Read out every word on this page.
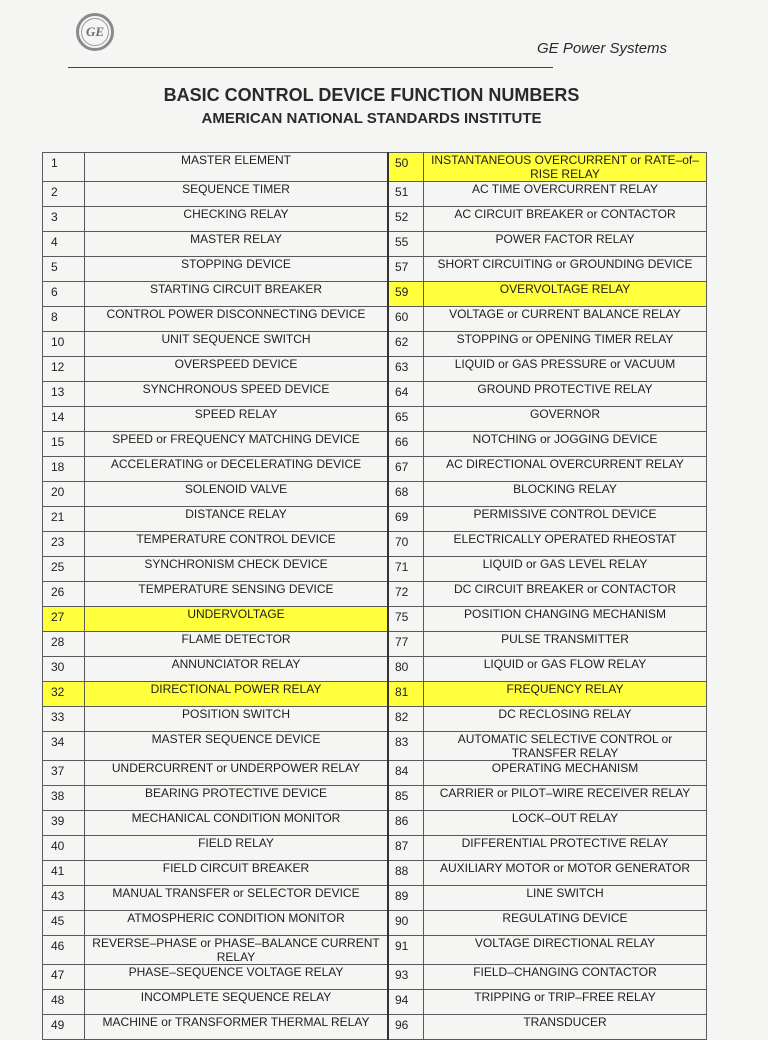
GE
GE Power Systems
BASIC CONTROL DEVICE FUNCTION NUMBERS
AMERICAN NATIONAL STANDARDS INSTITUTE
1	MASTER ELEMENT	50	INSTANTANEOUS OVERCURRENT or RATE–of–RISE RELAY
2	SEQUENCE TIMER	51	AC TIME OVERCURRENT RELAY
3	CHECKING RELAY	52	AC CIRCUIT BREAKER or CONTACTOR
4	MASTER RELAY	55	POWER FACTOR RELAY
5	STOPPING DEVICE	57	SHORT CIRCUITING or GROUNDING DEVICE
6	STARTING CIRCUIT BREAKER	59	OVERVOLTAGE RELAY
8	CONTROL POWER DISCONNECTING DEVICE	60	VOLTAGE or CURRENT BALANCE RELAY
10	UNIT SEQUENCE SWITCH	62	STOPPING or OPENING TIMER RELAY
12	OVERSPEED DEVICE	63	LIQUID or GAS PRESSURE or VACUUM
13	SYNCHRONOUS SPEED DEVICE	64	GROUND PROTECTIVE RELAY
14	SPEED RELAY	65	GOVERNOR
15	SPEED or FREQUENCY MATCHING DEVICE	66	NOTCHING or JOGGING DEVICE
18	ACCELERATING or DECELERATING DEVICE	67	AC DIRECTIONAL OVERCURRENT RELAY
20	SOLENOID VALVE	68	BLOCKING RELAY
21	DISTANCE RELAY	69	PERMISSIVE CONTROL DEVICE
23	TEMPERATURE CONTROL DEVICE	70	ELECTRICALLY OPERATED RHEOSTAT
25	SYNCHRONISM CHECK DEVICE	71	LIQUID or GAS LEVEL RELAY
26	TEMPERATURE SENSING DEVICE	72	DC CIRCUIT BREAKER or CONTACTOR
27	UNDERVOLTAGE	75	POSITION CHANGING MECHANISM
28	FLAME DETECTOR	77	PULSE TRANSMITTER
30	ANNUNCIATOR RELAY	80	LIQUID or GAS FLOW RELAY
32	DIRECTIONAL POWER RELAY	81	FREQUENCY RELAY
33	POSITION SWITCH	82	DC RECLOSING RELAY
34	MASTER SEQUENCE DEVICE	83	AUTOMATIC SELECTIVE CONTROL or TRANSFER RELAY
37	UNDERCURRENT or UNDERPOWER RELAY	84	OPERATING MECHANISM
38	BEARING PROTECTIVE DEVICE	85	CARRIER or PILOT–WIRE RECEIVER RELAY
39	MECHANICAL CONDITION MONITOR	86	LOCK–OUT RELAY
40	FIELD RELAY	87	DIFFERENTIAL PROTECTIVE RELAY
41	FIELD CIRCUIT BREAKER	88	AUXILIARY MOTOR or MOTOR GENERATOR
43	MANUAL TRANSFER or SELECTOR DEVICE	89	LINE SWITCH
45	ATMOSPHERIC CONDITION MONITOR	90	REGULATING DEVICE
46	REVERSE–PHASE or PHASE–BALANCE CURRENT RELAY	91	VOLTAGE DIRECTIONAL RELAY
47	PHASE–SEQUENCE VOLTAGE RELAY	93	FIELD–CHANGING CONTACTOR
48	INCOMPLETE SEQUENCE RELAY	94	TRIPPING or TRIP–FREE RELAY
49	MACHINE or TRANSFORMER THERMAL RELAY	96	TRANSDUCER
